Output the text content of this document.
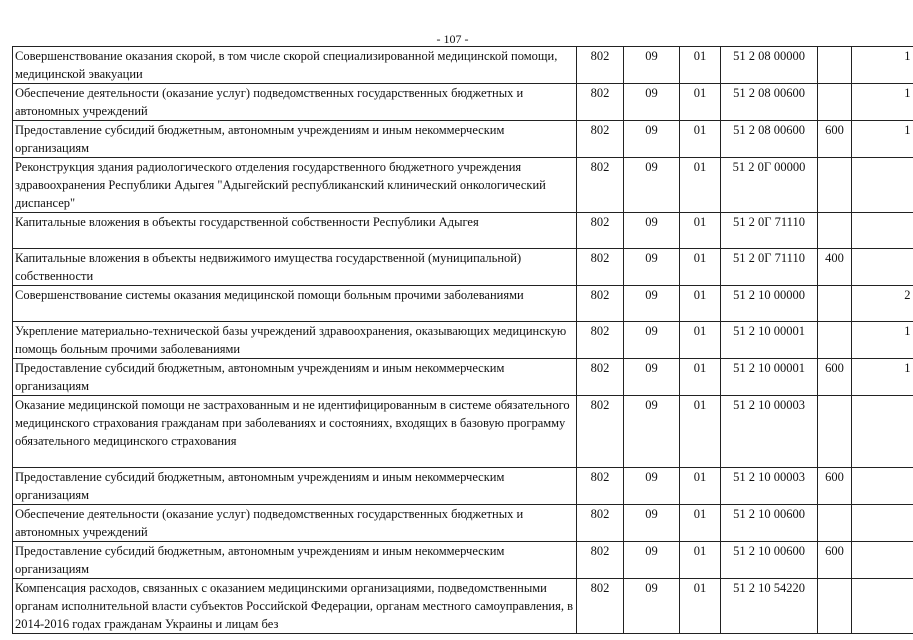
- 107 -
Совершенствование оказания скорой, в том числе скорой специализированной медицинской помощи, медицинской эвакуации	802	09	01	51 2 08 00000		1
Обеспечение деятельности (оказание услуг) подведомственных государственных бюджетных и автономных учреждений	802	09	01	51 2 08 00600		1
Предоставление субсидий бюджетным, автономным учреждениям и иным некоммерческим организациям	802	09	01	51 2 08 00600	600	1
Реконструкция здания радиологического отделения государственного бюджетного учреждения здравоохранения Республики Адыгея "Адыгейский республиканский клинический онкологический диспансер"	802	09	01	51 2 0Г 00000		
Капитальные вложения в объекты государственной собственности Республики Адыгея	802	09	01	51 2 0Г 71110		
Капитальные вложения в объекты недвижимого имущества государственной (муниципальной) собственности	802	09	01	51 2 0Г 71110	400	
Совершенствование системы оказания медицинской помощи больным прочими заболеваниями	802	09	01	51 2 10 00000		2
Укрепление материально-технической базы учреждений здравоохранения, оказывающих медицинскую помощь больным прочими заболеваниями	802	09	01	51 2 10 00001		1
Предоставление субсидий бюджетным, автономным учреждениям и иным некоммерческим организациям	802	09	01	51 2 10 00001	600	1
Оказание медицинской помощи не застрахованным и не идентифицированным в системе обязательного медицинского страхования гражданам при заболеваниях и состояниях, входящих в базовую программу обязательного медицинского страхования	802	09	01	51 2 10 00003		
Предоставление субсидий бюджетным, автономным учреждениям и иным некоммерческим организациям	802	09	01	51 2 10 00003	600	
Обеспечение деятельности (оказание услуг) подведомственных государственных бюджетных и автономных учреждений	802	09	01	51 2 10 00600		
Предоставление субсидий бюджетным, автономным учреждениям и иным некоммерческим организациям	802	09	01	51 2 10 00600	600	
Компенсация расходов, связанных с оказанием медицинскими организациями, подведомственными органам исполнительной власти субъектов Российской Федерации, органам местного самоуправления, в 2014-2016 годах гражданам Украины и лицам без	802	09	01	51 2 10 54220		
